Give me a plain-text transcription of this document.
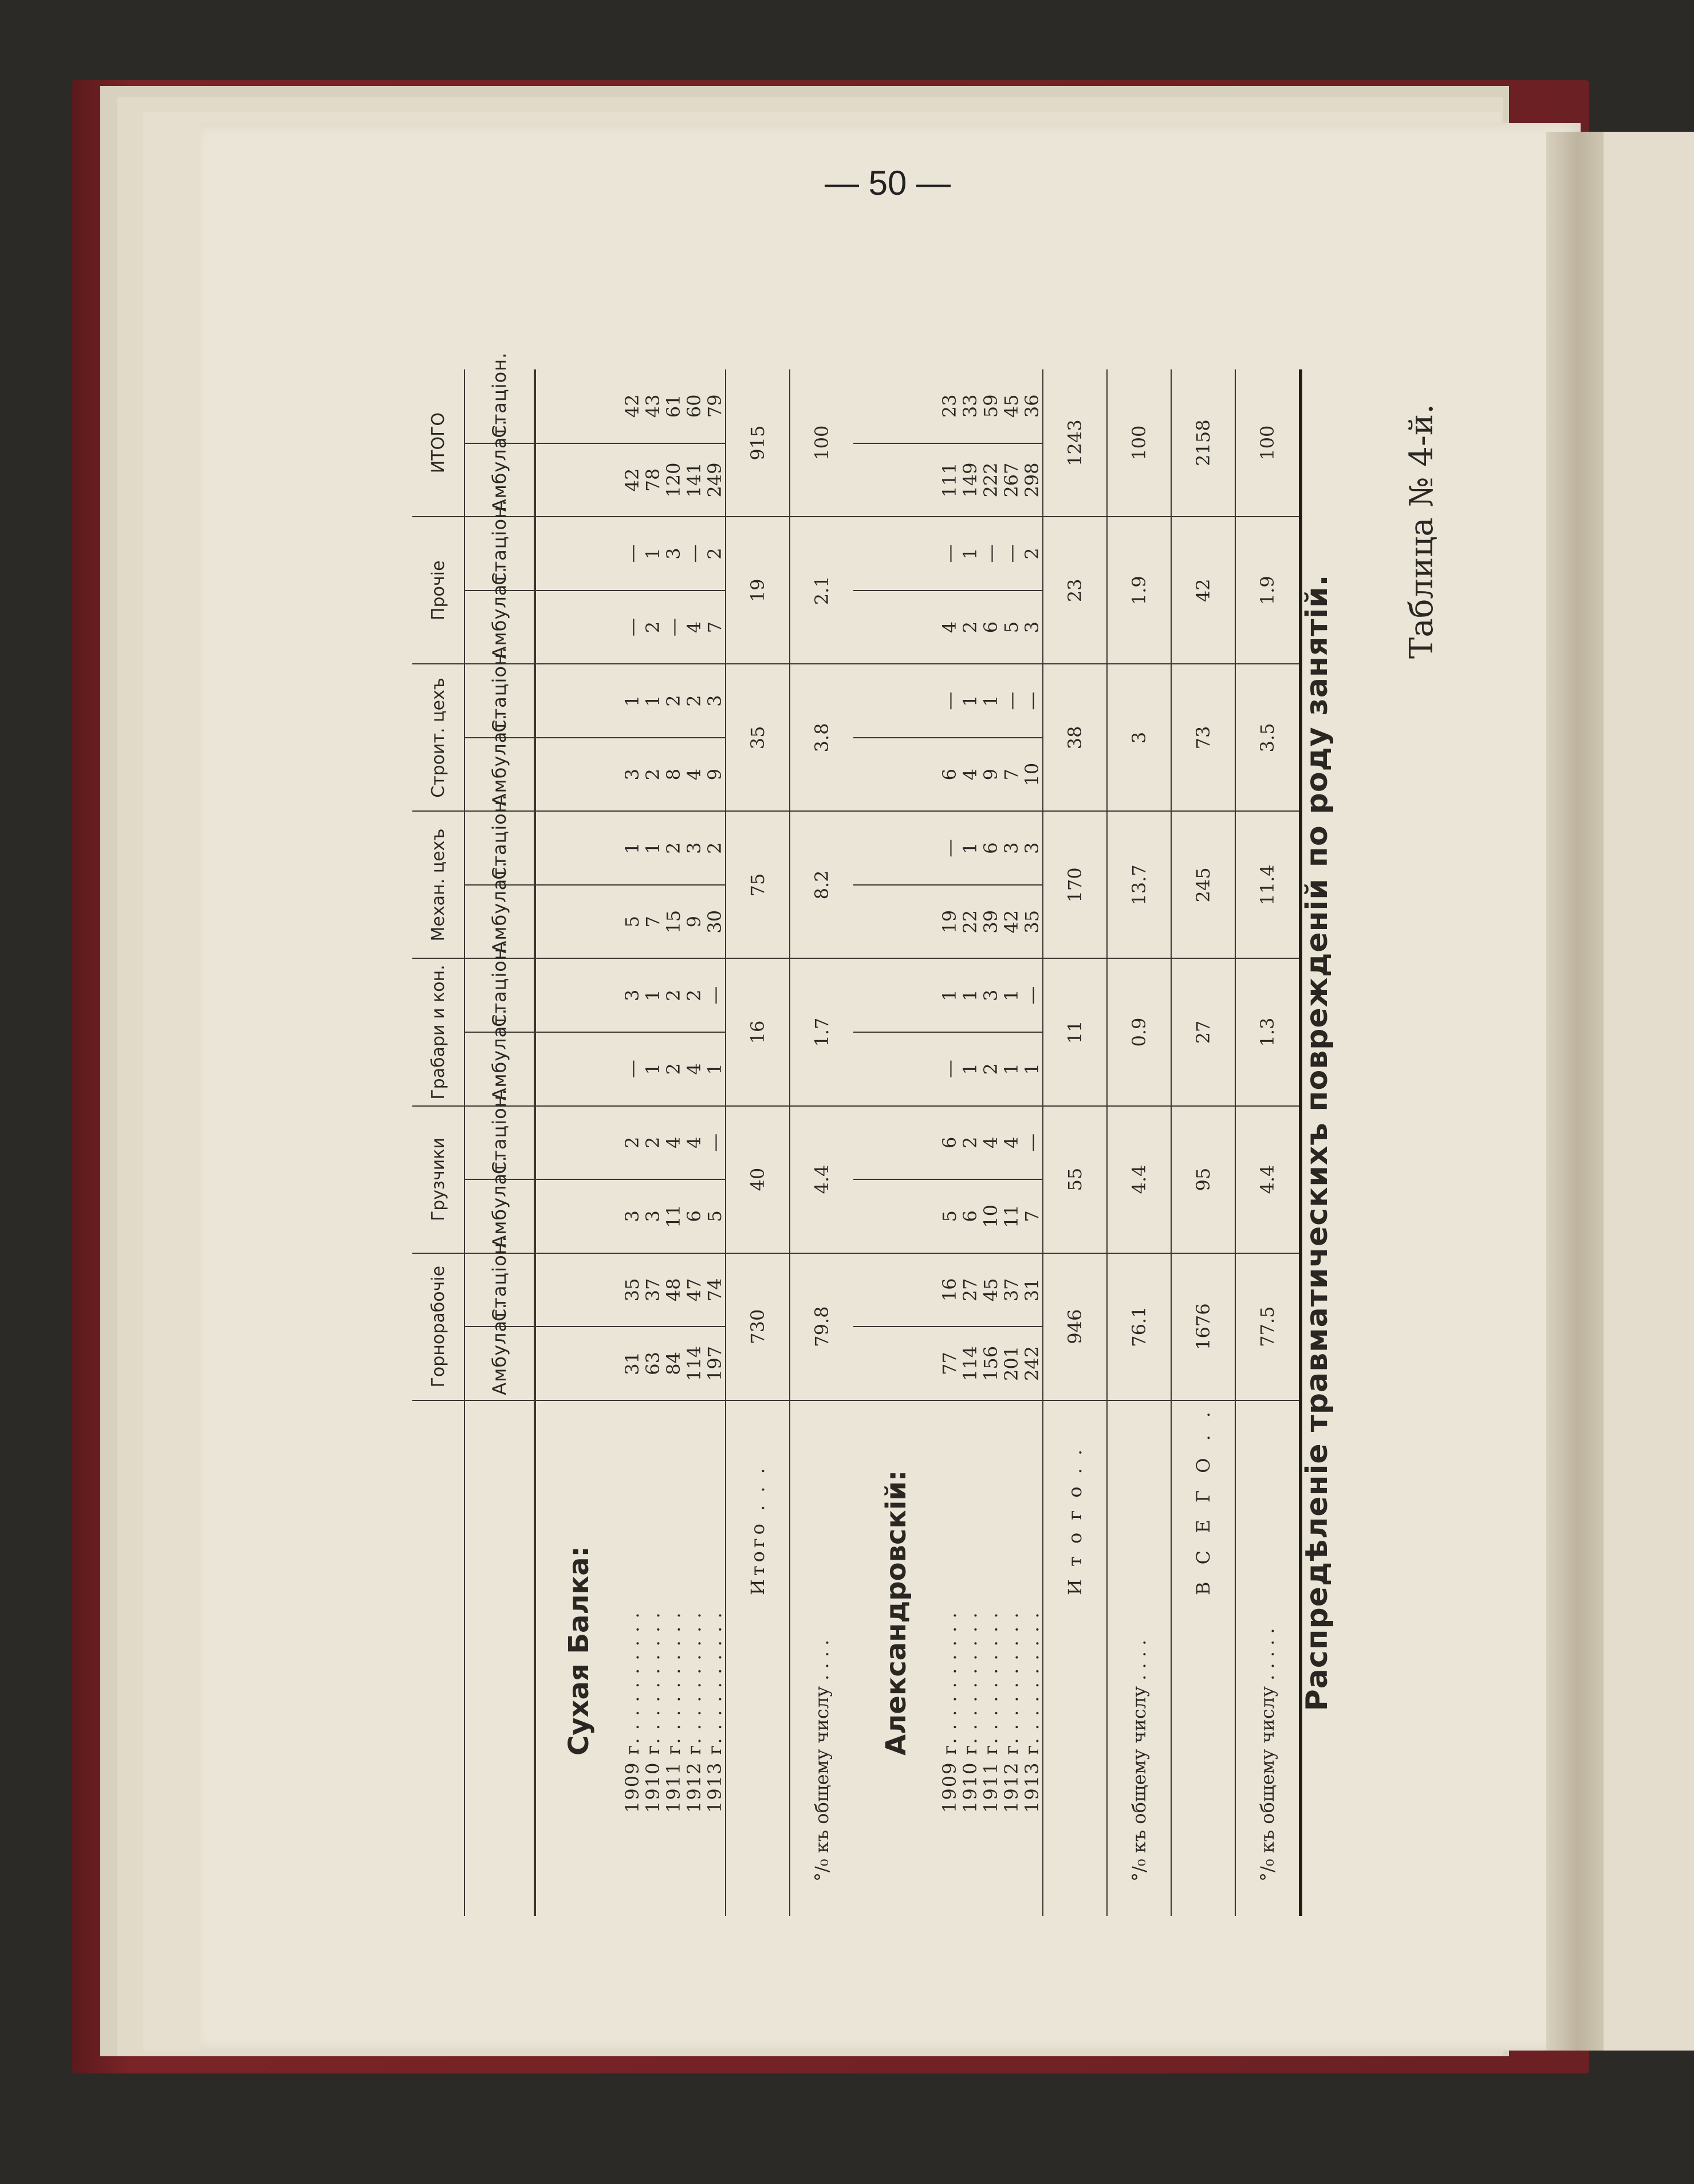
— 50 —
Таблица № 4-й.
Распредѣленіе травматическихъ поврежденій по роду занятій.
	Горнорабочіе		Грузчики		Грабари и кон.		Механ. цехъ		Строит. цехъ		Прочіе		ИТОГО	
	Амбулат.	Стаціон.	Амбулат.	Стаціон.	Амбулат.	Стаціон.	Амбулат.	Стаціон.	Амбулат.	Стаціон.	Амбулат.	Стаціон.	Амбулат.	Стаціон.
Сухая Балка:														
1909 г. . . . . . . . . .	31	35	3	2	—	3	5	1	3	1	—	—	42	42
1910 г. . . . . . . . . .	63	37	3	2	1	1	7	1	2	1	2	1	78	43
1911 г. . . . . . . . . .	84	48	11	4	2	2	15	2	8	2	—	3	120	61
1912 г. . . . . . . . . .	114	47	6	4	4	2	9	3	4	2	4	—	141	60
1913 г. . . . . . . . . .	197	74	5	—	1	—	30	2	9	3	7	2	249	79
Итого . . .	730		40		16		75		35		19		915	
°/₀ къ общему числу . . . .	79.8		4.4		1.7		8.2		3.8		2.1		100	
Александровскій:														
1909 г. . . . . . . . . .	77	16	5	6	—	1	19	—	6	—	4	—	111	23
1910 г. . . . . . . . . .	114	27	6	2	1	1	22	1	4	1	2	1	149	33
1911 г. . . . . . . . . .	156	45	10	4	2	3	39	6	9	1	6	—	222	59
1912 г. . . . . . . . . .	201	37	11	4	1	1	42	3	7	—	5	—	267	45
1913 г. . . . . . . . . .	242	31	7	—	1	—	35	3	10	—	3	2	298	36
И т о г о . .	946		55		11		170		38		23		1243	
°/₀ къ общему числу . . . .	76.1		4.4		0.9		13.7		3		1.9		100	
В С Е Г О . .	1676		95		27		245		73		42		2158	
°/₀ къ общему числу . . . . .	77.5		4.4		1.3		11.4		3.5		1.9		100	
